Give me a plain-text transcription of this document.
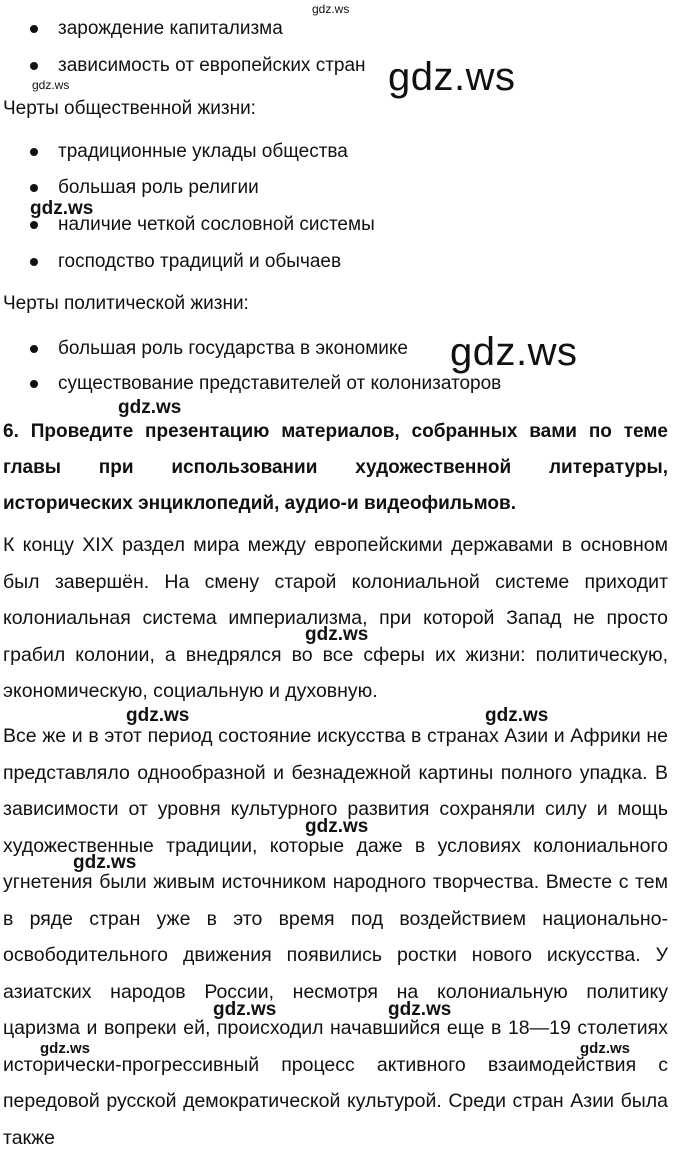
зарождение капитализма
зависимость от европейских стран
Черты общественной жизни:
традиционные уклады общества
большая роль религии
наличие четкой сословной системы
господство традиций и обычаев
Черты политической жизни:
большая роль государства в экономике
существование представителей от колонизаторов
6. Проведите презентацию материалов, собранных вами по теме главы при использовании художественной литературы, исторических энциклопедий, аудио-и видеофильмов.
К концу XIX раздел мира между европейскими державами в основном был завершён. На смену старой колониальной системе приходит колониальная система империализма, при которой Запад не просто грабил колонии, а внедрялся во все сферы их жизни: политическую, экономическую, социальную и духовную.
Все же и в этот период состояние искусства в странах Азии и Африки не представляло однообразной и безнадежной картины полного упадка. В зависимости от уровня культурного развития сохраняли силу и мощь художественные традиции, которые даже в условиях колониального угнетения были живым источником народного творчества. Вместе с тем в ряде стран уже в это время под воздействием национально-освободительного движения появились ростки нового искусства. У азиатских народов России, несмотря на колониальную политику царизма и вопреки ей, происходил начавшийся еще в 18—19 столетиях исторически-прогрессивный процесс активного взаимодействия с передовой русской демократической культурой. Среди стран Азии была также
gdz.ws
gdz.ws	gdz.ws
gdz.ws
gdz.ws
gdz.ws
gdz.ws
gdz.ws	gdz.ws
gdz.ws
gdz.ws
gdz.ws	gdz.ws
gdz.ws	gdz.ws
